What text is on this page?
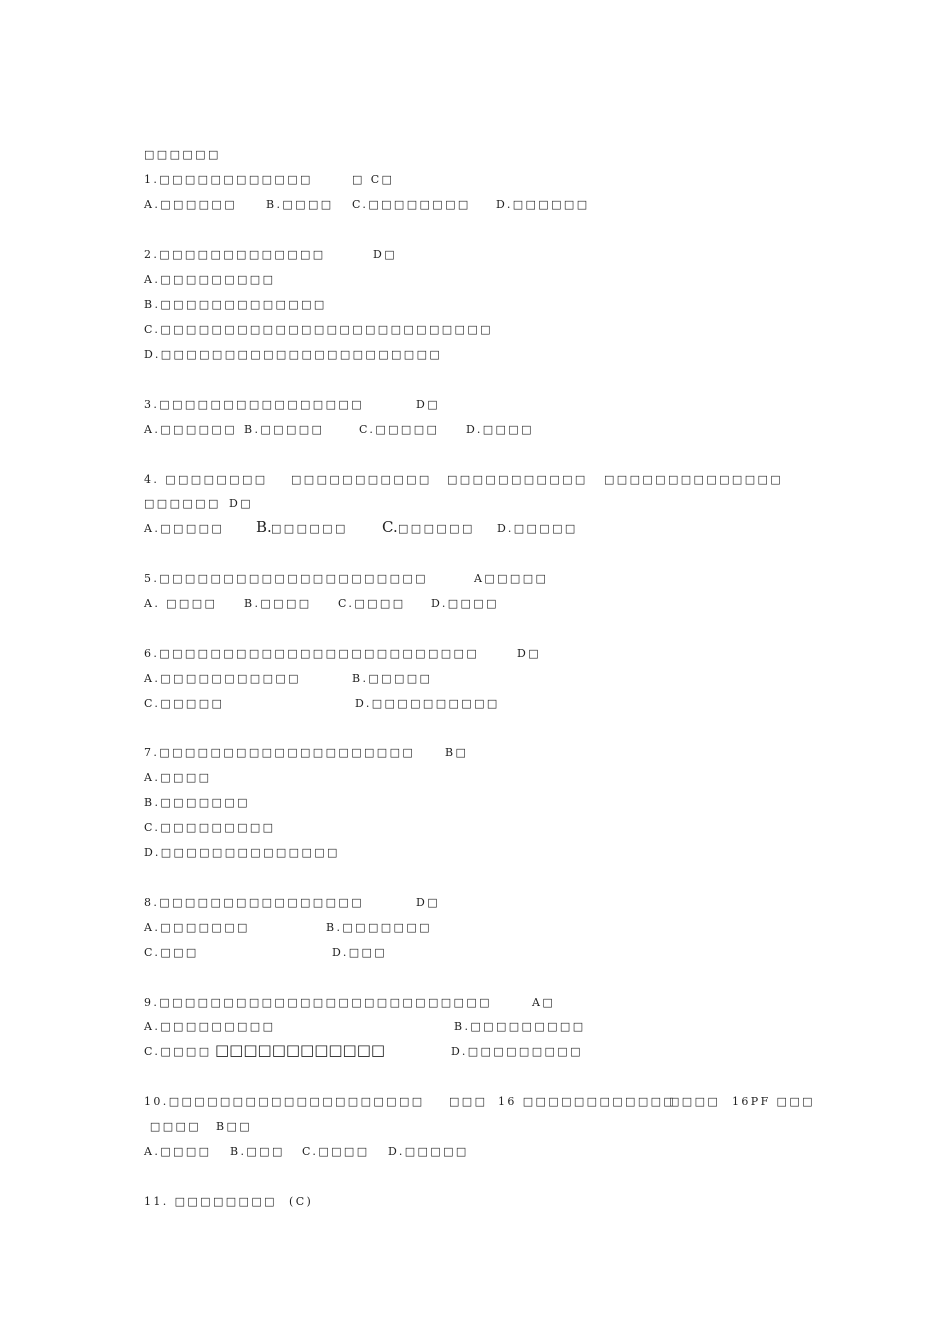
□□□□□□
1.□□□□□□□□□□□□	□ C□
A.□□□□□□	B.□□□□ C.□□□□□□□□ D.□□□□□□
2.□□□□□□□□□□□□□	D□
A.□□□□□□□□□
B.□□□□□□□□□□□□□
C.□□□□□□□□□□□□□□□□□□□□□□□□□□
D.□□□□□□□□□□□□□□□□□□□□□□
3.□□□□□□□□□□□□□□□□	D□
A.□□□□□□ B.□□□□□	C.□□□□□ D.□□□□
4. □□□□□□□□ □□□□□□□□□□□ □□□□□□□□□□□ □□□□□□□□□□□□□□
□□□□□□ D□
A.□□□□□ B. □□□□□□ C. □□□□□□ D.□□□□□
5.□□□□□□□□□□□□□□□□□□□□□	A□□□□□
A. □□□□ B.□□□□ C.□□□□ D.□□□□
6.□□□□□□□□□□□□□□□□□□□□□□□□□	D□
A.□□□□□□□□□□□	B.□□□□□
C.□□□□□	D.□□□□□□□□□□
7.□□□□□□□□□□□□□□□□□□□□	B□
A.□□□□
B.□□□□□□□
C.□□□□□□□□□
D.□□□□□□□□□□□□□□
8.□□□□□□□□□□□□□□□□	D□
A.□□□□□□□	B.□□□□□□□
C.□□□	D.□□□
9.□□□□□□□□□□□□□□□□□□□□□□□□□□	A□
A.□□□□□□□□□	B.□□□□□□□□□
C.□□□□ □□□□□□□□□□□□	D.□□□□□□□□□
10.□□□□□□□□□□□□□□□□□□□□ □□□ 16 □□□□□□□□□□□□
□□□□ 16PF □□□
□□□□ B□□
A.□□□□ B.□□□ C.□□□□ D.□□□□□
11. □□□□□□□□ (C)
